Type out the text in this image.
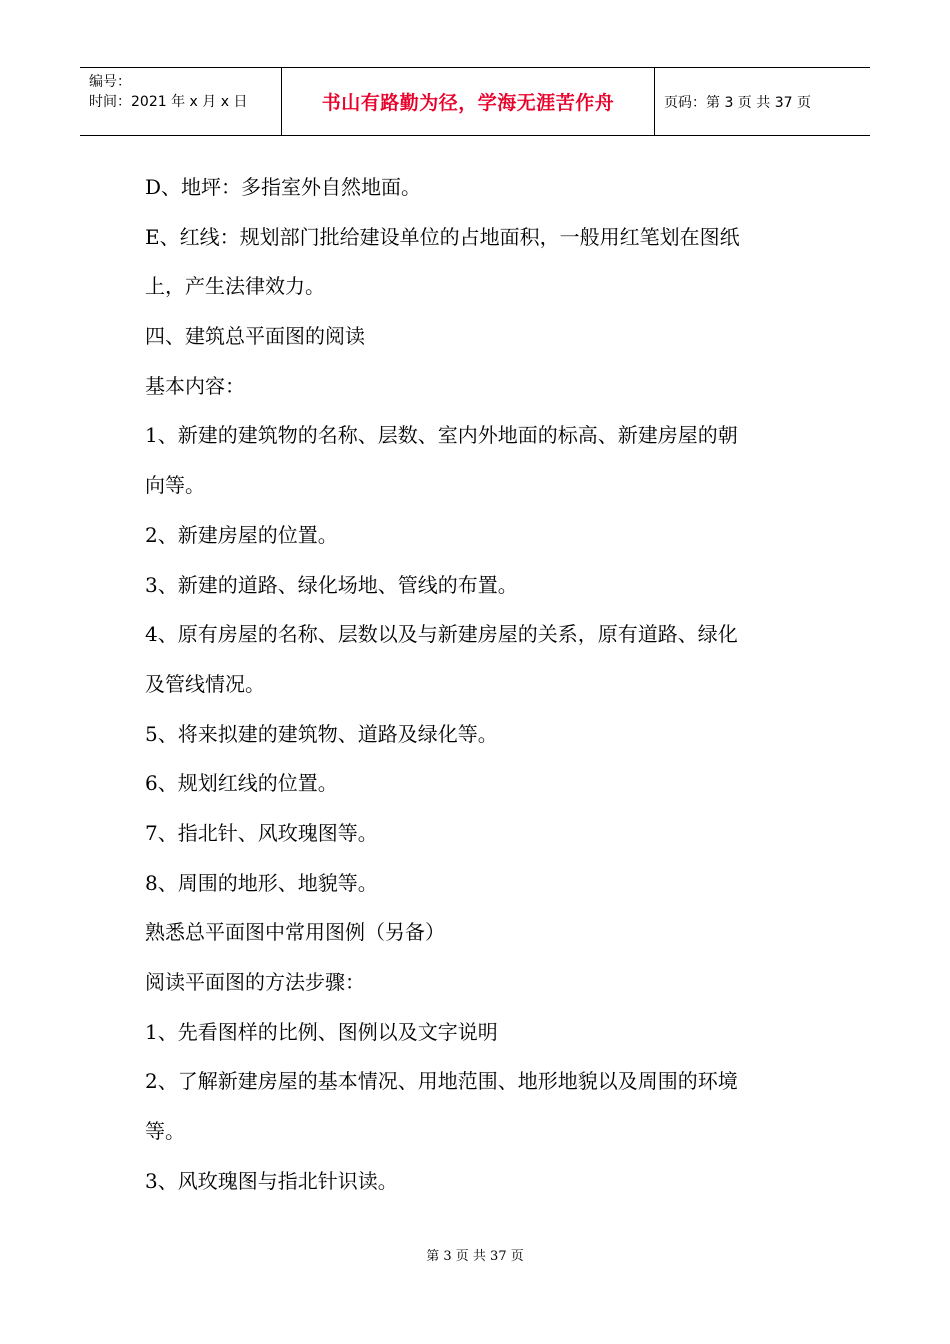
编号：
时间：2021 年 x 月 x 日	书山有路勤为径，学海无涯苦作舟	页码：第 3 页 共 37 页
D、地坪：多指室外自然地面。
E、红线：规划部门批给建设单位的占地面积，一般用红笔划在图纸
上，产生法律效力。
四、建筑总平面图的阅读
基本内容：
1、新建的建筑物的名称、层数、室内外地面的标高、新建房屋的朝
向等。
2、新建房屋的位置。
3、新建的道路、绿化场地、管线的布置。
4、原有房屋的名称、层数以及与新建房屋的关系，原有道路、绿化
及管线情况。
5、将来拟建的建筑物、道路及绿化等。
6、规划红线的位置。
7、指北针、风玫瑰图等。
8、周围的地形、地貌等。
熟悉总平面图中常用图例（另备）
阅读平面图的方法步骤：
1、先看图样的比例、图例以及文字说明
2、了解新建房屋的基本情况、用地范围、地形地貌以及周围的环境
等。
3、风玫瑰图与指北针识读。
第 3 页 共 37 页
